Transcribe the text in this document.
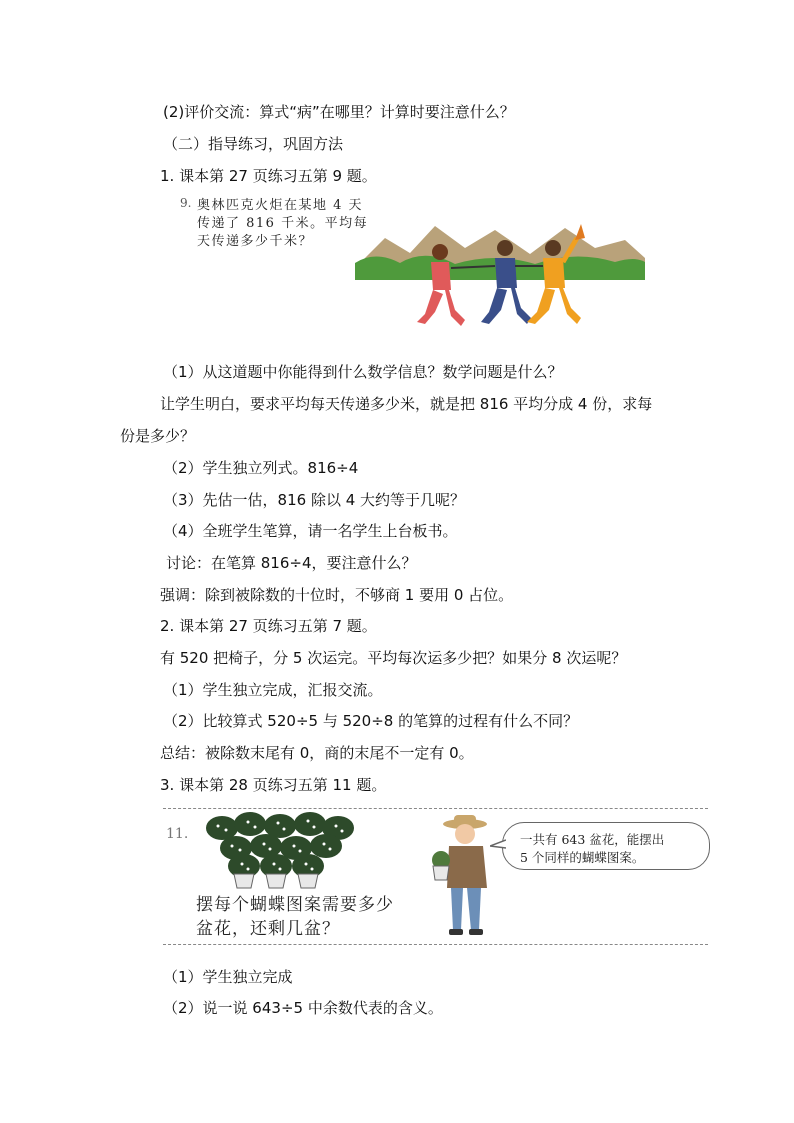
(2)评价交流：算式“病”在哪里？计算时要注意什么？
（二）指导练习，巩固方法
1. 课本第 27 页练习五第 9 题。
9. 奥林匹克火炬在某地 4 天
传递了 816 千米。平均每
天传递多少千米？
（1）从这道题中你能得到什么数学信息？数学问题是什么？
让学生明白，要求平均每天传递多少米，就是把 816 平均分成 4 份，求每
份是多少？
（2）学生独立列式。816÷4
（3）先估一估，816 除以 4 大约等于几呢？
（4）全班学生笔算，请一名学生上台板书。
讨论：在笔算 816÷4，要注意什么？
强调：除到被除数的十位时，不够商 1 要用 0 占位。
2. 课本第 27 页练习五第 7 题。
有 520 把椅子，分 5 次运完。平均每次运多少把？如果分 8 次运呢？
（1）学生独立完成，汇报交流。
（2）比较算式 520÷5 与 520÷8 的笔算的过程有什么不同？
总结：被除数末尾有 0，商的末尾不一定有 0。
3. 课本第 28 页练习五第 11 题。
11.
摆每个蝴蝶图案需要多少
盆花，还剩几盆？
一共有 643 盆花，能摆出
5 个同样的蝴蝶图案。
（1）学生独立完成
（2）说一说 643÷5 中余数代表的含义。
